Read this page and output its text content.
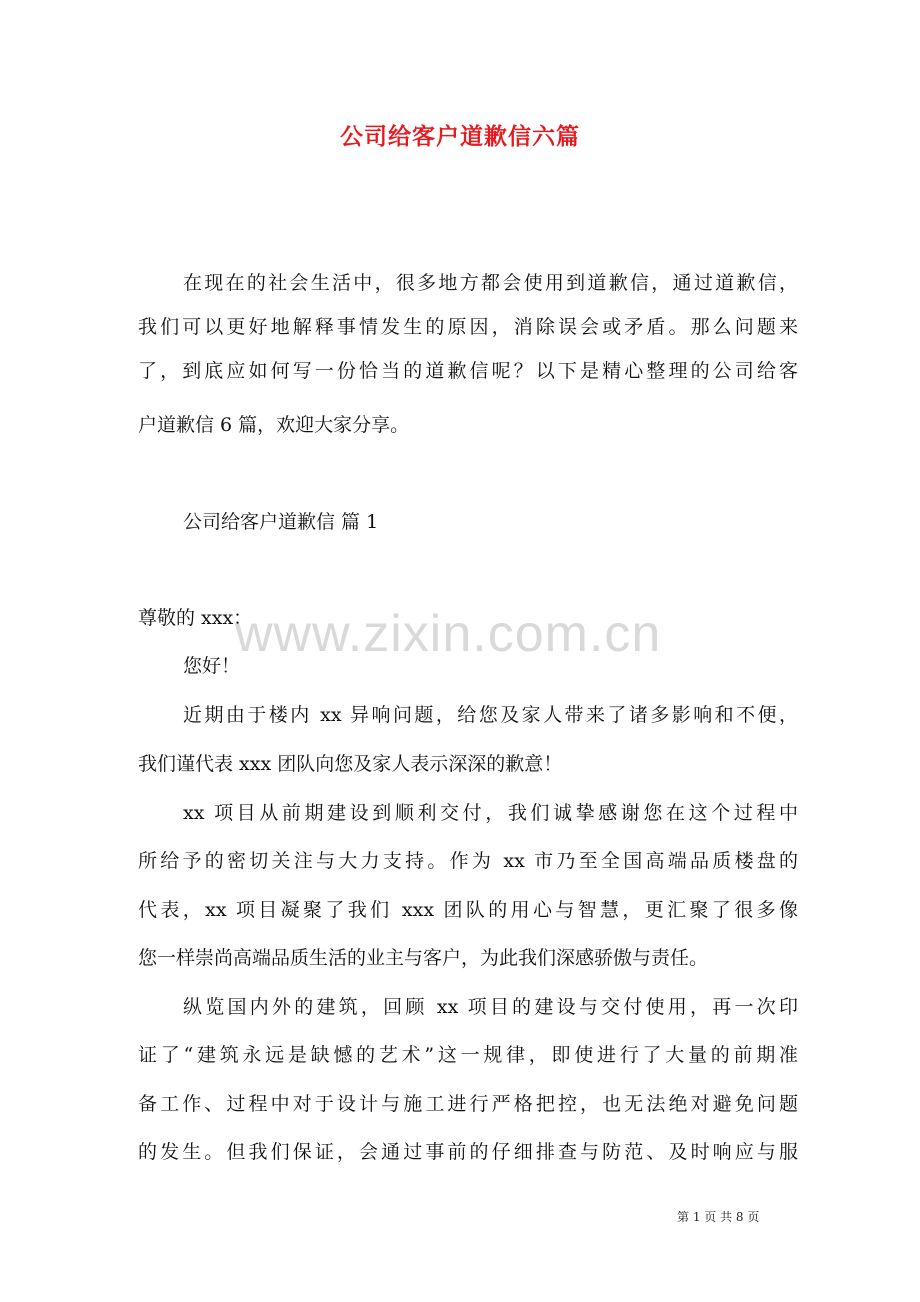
公司给客户道歉信六篇
www.zixin.com.cn
在现在的社会生活中，很多地方都会使用到道歉信，通过道歉信，
我们可以更好地解释事情发生的原因，消除误会或矛盾。那么问题来
了，到底应如何写一份恰当的道歉信呢？以下是精心整理的公司给客
户道歉信 6 篇，欢迎大家分享。
公司给客户道歉信 篇 1
尊敬的 xxx：
您好！
近期由于楼内 xx 异响问题，给您及家人带来了诸多影响和不便，
我们谨代表 xxx 团队向您及家人表示深深的歉意！
xx 项目从前期建设到顺利交付，我们诚挚感谢您在这个过程中
所给予的密切关注与大力支持。作为 xx 市乃至全国高端品质楼盘的
代表，xx 项目凝聚了我们 xxx 团队的用心与智慧，更汇聚了很多像
您一样崇尚高端品质生活的业主与客户，为此我们深感骄傲与责任。
纵览国内外的建筑，回顾 xx 项目的建设与交付使用，再一次印
证了“建筑永远是缺憾的艺术”这一规律，即使进行了大量的前期准
备工作、过程中对于设计与施工进行严格把控，也无法绝对避免问题
的发生。但我们保证，会通过事前的仔细排查与防范、及时响应与服
第 1 页 共 8 页
